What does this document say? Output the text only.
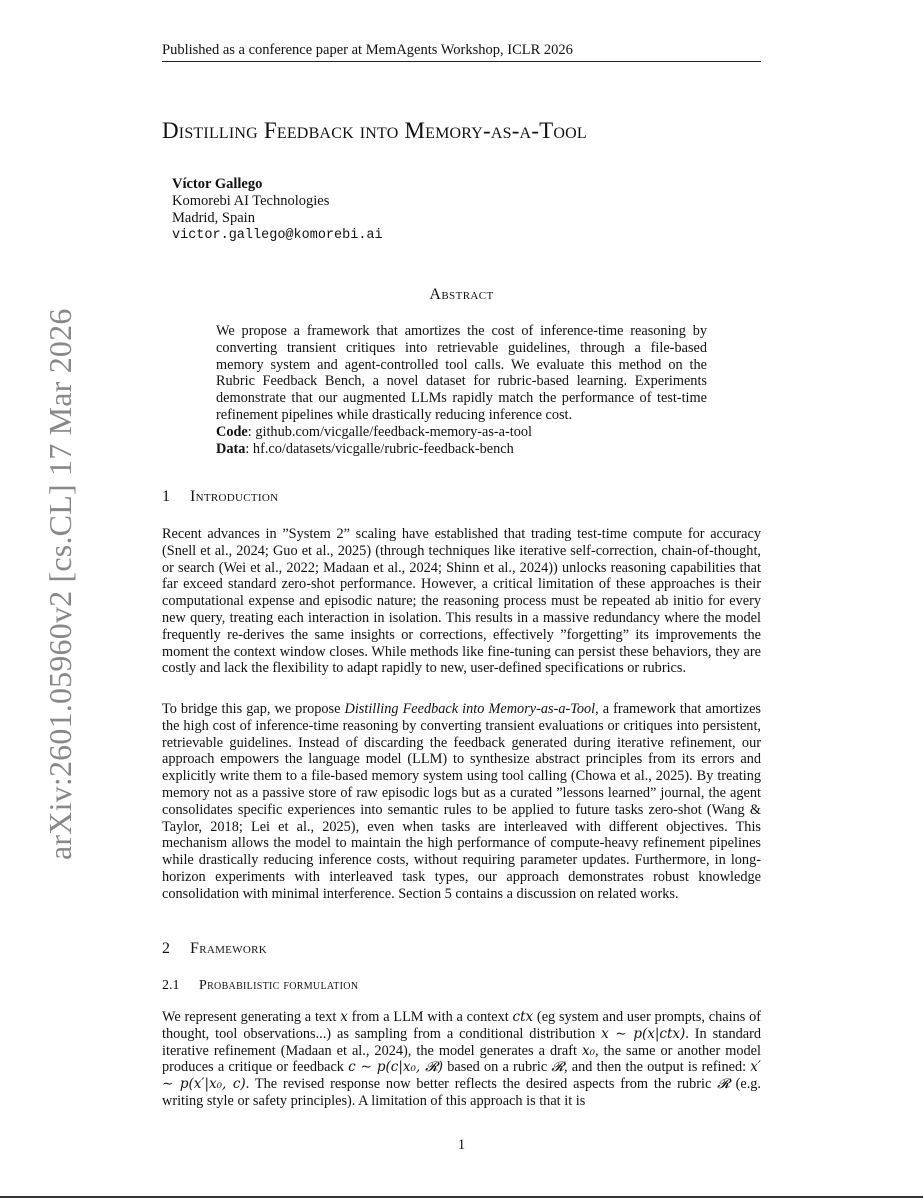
Published as a conference paper at MemAgents Workshop, ICLR 2026
arXiv:2601.05960v2 [cs.CL] 17 Mar 2026
Distilling Feedback into Memory-as-a-Tool
Víctor Gallego
Komorebi AI Technologies
Madrid, Spain
victor.gallego@komorebi.ai
Abstract
We propose a framework that amortizes the cost of inference-time reasoning by converting transient critiques into retrievable guidelines, through a file-based memory system and agent-controlled tool calls. We evaluate this method on the Rubric Feedback Bench, a novel dataset for rubric-based learning. Experiments demonstrate that our augmented LLMs rapidly match the performance of test-time refinement pipelines while drastically reducing inference cost.
Code: github.com/vicgalle/feedback-memory-as-a-tool
Data: hf.co/datasets/vicgalle/rubric-feedback-bench
1 Introduction

Recent advances in ”System 2” scaling have established that trading test-time compute for accuracy (Snell et al., 2024; Guo et al., 2025) (through techniques like iterative self-correction, chain-of-thought, or search (Wei et al., 2022; Madaan et al., 2024; Shinn et al., 2024)) unlocks reasoning capabilities that far exceed standard zero-shot performance. However, a critical limitation of these approaches is their computational expense and episodic nature; the reasoning process must be repeated ab initio for every new query, treating each interaction in isolation. This results in a massive redundancy where the model frequently re-derives the same insights or corrections, effectively ”forgetting” its improvements the moment the context window closes. While methods like fine-tuning can persist these behaviors, they are costly and lack the flexibility to adapt rapidly to new, user-defined specifications or rubrics.

To bridge this gap, we propose Distilling Feedback into Memory-as-a-Tool, a framework that amortizes the high cost of inference-time reasoning by converting transient evaluations or critiques into persistent, retrievable guidelines. Instead of discarding the feedback generated during iterative refinement, our approach empowers the language model (LLM) to synthesize abstract principles from its errors and explicitly write them to a file-based memory system using tool calling (Chowa et al., 2025). By treating memory not as a passive store of raw episodic logs but as a curated ”lessons learned” journal, the agent consolidates specific experiences into semantic rules to be applied to future tasks zero-shot (Wang & Taylor, 2018; Lei et al., 2025), even when tasks are interleaved with different objectives. This mechanism allows the model to maintain the high performance of compute-heavy refinement pipelines while drastically reducing inference costs, without requiring parameter updates. Furthermore, in long-horizon experiments with interleaved task types, our approach demonstrates robust knowledge consolidation with minimal interference. Section 5 contains a discussion on related works.

2 Framework
2.1 Probabilistic formulation

We represent generating a text x from a LLM with a context ctx (eg system and user prompts, chains of thought, tool observations...) as sampling from a conditional distribution x ∼ p(x|ctx). In standard iterative refinement (Madaan et al., 2024), the model generates a draft x₀, the same or another model produces a critique or feedback c ∼ p(c|x₀, 𝓡) based on a rubric 𝓡, and then the output is refined: x′ ∼ p(x′|x₀, c). The revised response now better reflects the desired aspects from the rubric 𝓡 (e.g. writing style or safety principles). A limitation of this approach is that it is

1
